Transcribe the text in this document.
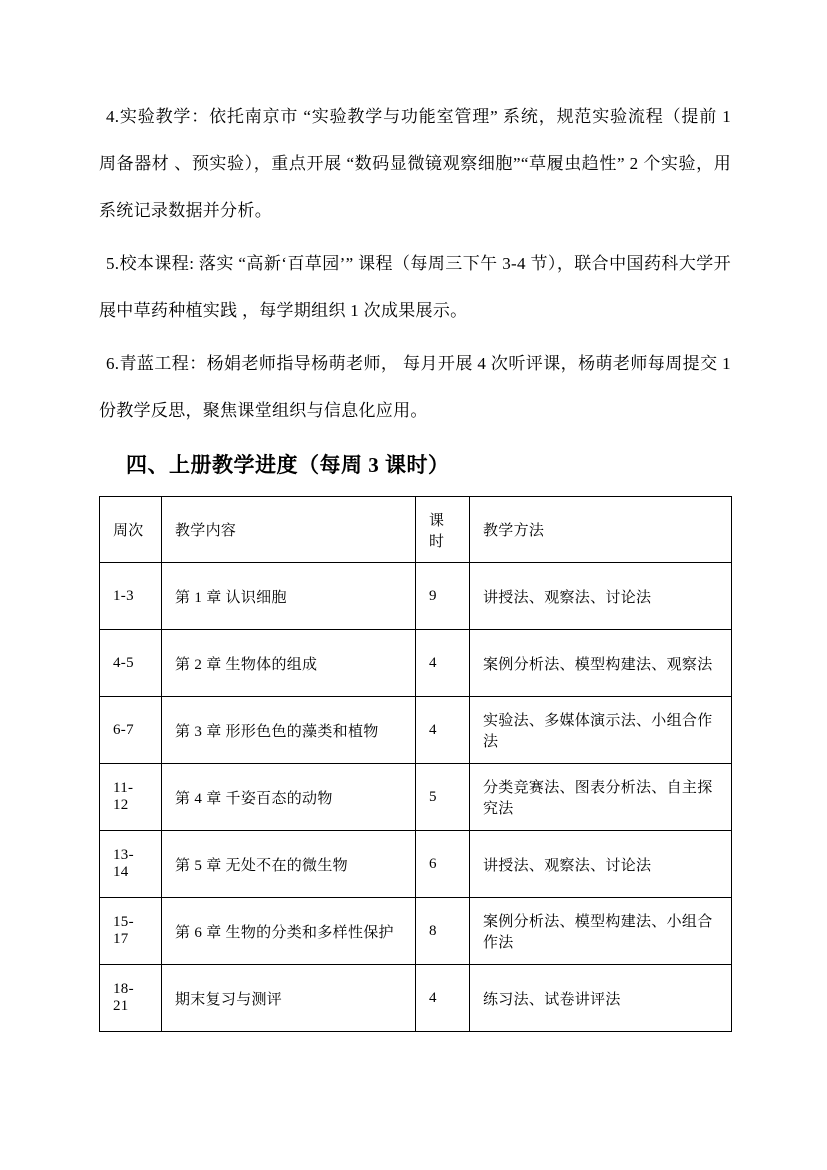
4.实验教学：依托南京市 “实验教学与功能室管理” 系统，规范实验流程（提前 1 周备器材 、预实验），重点开展 “数码显微镜观察细胞”“草履虫趋性” 2 个实验，用系统记录数据并分析。

5.校本课程: 落实 “高新‘百草园’” 课程（每周三下午 3-4 节），联合中国药科大学开展中草药种植实践 ，每学期组织 1 次成果展示。

6.青蓝工程：杨娟老师指导杨萌老师， 每月开展 4 次听评课，杨萌老师每周提交 1 份教学反思，聚焦课堂组织与信息化应用。

四、上册教学进度（每周 3 课时）
周次	教学内容	课时	教学方法
1-3	第 1 章 认识细胞	9	讲授法、观察法、讨论法
4-5	第 2 章 生物体的组成	4	案例分析法、模型构建法、观察法
6-7	第 3 章 形形色色的藻类和植物	4	实验法、多媒体演示法、小组合作法
11-12	第 4 章 千姿百态的动物	5	分类竞赛法、图表分析法、自主探究法
13-14	第 5 章 无处不在的微生物	6	讲授法、观察法、讨论法
15-17	第 6 章 生物的分类和多样性保护	8	案例分析法、模型构建法、小组合作法
18-21	期末复习与测评	4	练习法、试卷讲评法
